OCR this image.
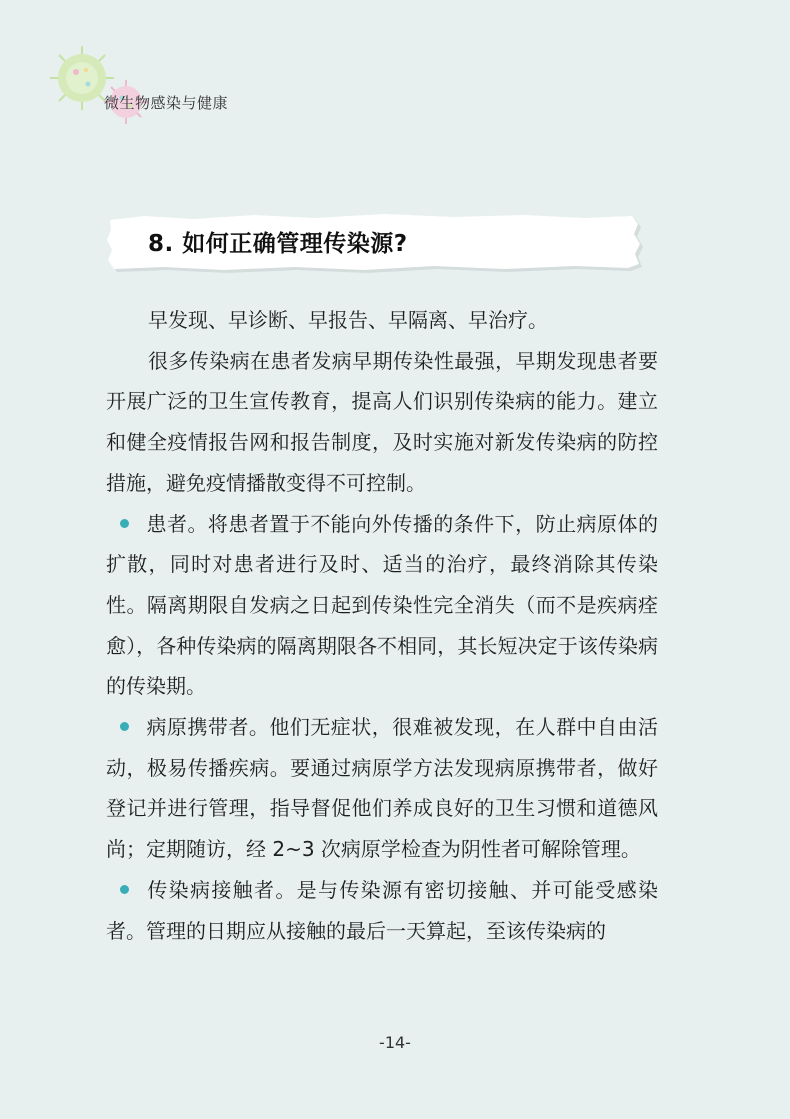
微生物感染与健康
8. 如何正确管理传染源?

早发现、早诊断、早报告、早隔离、早治疗。

很多传染病在患者发病早期传染性最强，早期发现患者要开展广泛的卫生宣传教育，提高人们识别传染病的能力。建立和健全疫情报告网和报告制度，及时实施对新发传染病的防控措施，避免疫情播散变得不可控制。

患者。将患者置于不能向外传播的条件下，防止病原体的扩散，同时对患者进行及时、适当的治疗，最终消除其传染性。隔离期限自发病之日起到传染性完全消失（而不是疾病痊愈），各种传染病的隔离期限各不相同，其长短决定于该传染病的传染期。

病原携带者。他们无症状，很难被发现，在人群中自由活动，极易传播疾病。要通过病原学方法发现病原携带者，做好登记并进行管理，指导督促他们养成良好的卫生习惯和道德风尚；定期随访，经 2~3 次病原学检查为阴性者可解除管理。

传染病接触者。是与传染源有密切接触、并可能受感染者。管理的日期应从接触的最后一天算起，至该传染病的

-14-
